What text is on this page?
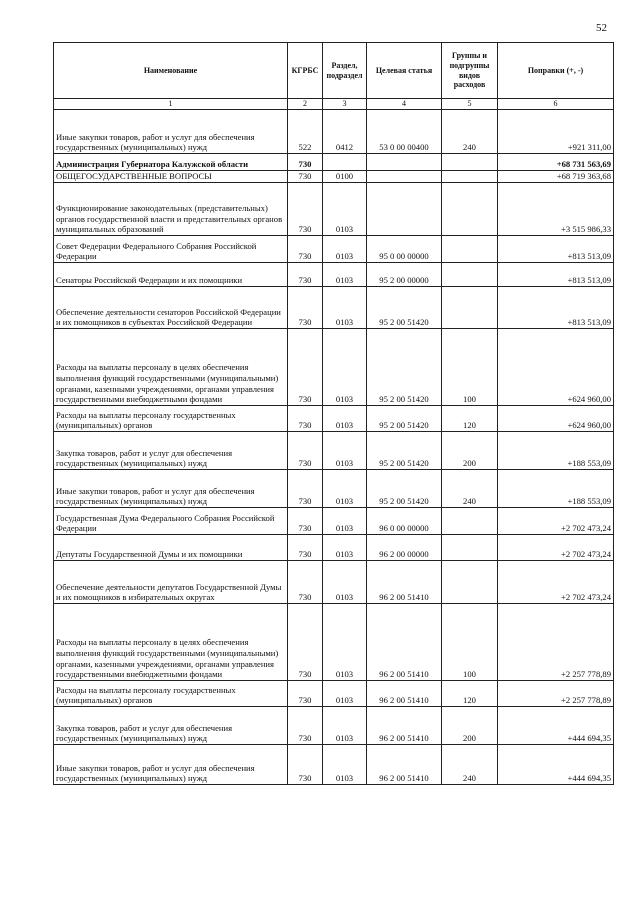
52
Наименование	КГРБС	Раздел, подраздел	Целевая статья	Группы и подгруппы видов расходов	Поправки (+, -)
1	2	3	4	5	6
Иные закупки товаров, работ и услуг для обеспечения государственных (муниципальных) нужд	522	0412	53 0 00 00400	240	+921 311,00
Администрация Губернатора Калужской области	730				+68 731 563,69
ОБЩЕГОСУДАРСТВЕННЫЕ ВОПРОСЫ	730	0100			+68 719 363,68
Функционирование законодательных (представительных) органов государственной власти и представительных органов муниципальных образований	730	0103			+3 515 986,33
Совет Федерации Федерального Собрания Российской Федерации	730	0103	95 0 00 00000		+813 513,09
Сенаторы Российской Федерации и их помощники	730	0103	95 2 00 00000		+813 513,09
Обеспечение деятельности сенаторов Российской Федерации и их помощников в субъектах Российской Федерации	730	0103	95 2 00 51420		+813 513,09
Расходы на выплаты персоналу в целях обеспечения выполнения функций государственными (муниципальными) органами, казенными учреждениями, органами управления государственными внебюджетными фондами	730	0103	95 2 00 51420	100	+624 960,00
Расходы на выплаты персоналу государственных (муниципальных) органов	730	0103	95 2 00 51420	120	+624 960,00
Закупка товаров, работ и услуг для обеспечения государственных (муниципальных) нужд	730	0103	95 2 00 51420	200	+188 553,09
Иные закупки товаров, работ и услуг для обеспечения государственных (муниципальных) нужд	730	0103	95 2 00 51420	240	+188 553,09
Государственная Дума Федерального Собрания Российской Федерации	730	0103	96 0 00 00000		+2 702 473,24
Депутаты Государственной Думы и их помощники	730	0103	96 2 00 00000		+2 702 473,24
Обеспечение деятельности депутатов Государственной Думы и их помощников в избирательных округах	730	0103	96 2 00 51410		+2 702 473,24
Расходы на выплаты персоналу в целях обеспечения выполнения функций государственными (муниципальными) органами, казенными учреждениями, органами управления государственными внебюджетными фондами	730	0103	96 2 00 51410	100	+2 257 778,89
Расходы на выплаты персоналу государственных (муниципальных) органов	730	0103	96 2 00 51410	120	+2 257 778,89
Закупка товаров, работ и услуг для обеспечения государственных (муниципальных) нужд	730	0103	96 2 00 51410	200	+444 694,35
Иные закупки товаров, работ и услуг для обеспечения государственных (муниципальных) нужд	730	0103	96 2 00 51410	240	+444 694,35
